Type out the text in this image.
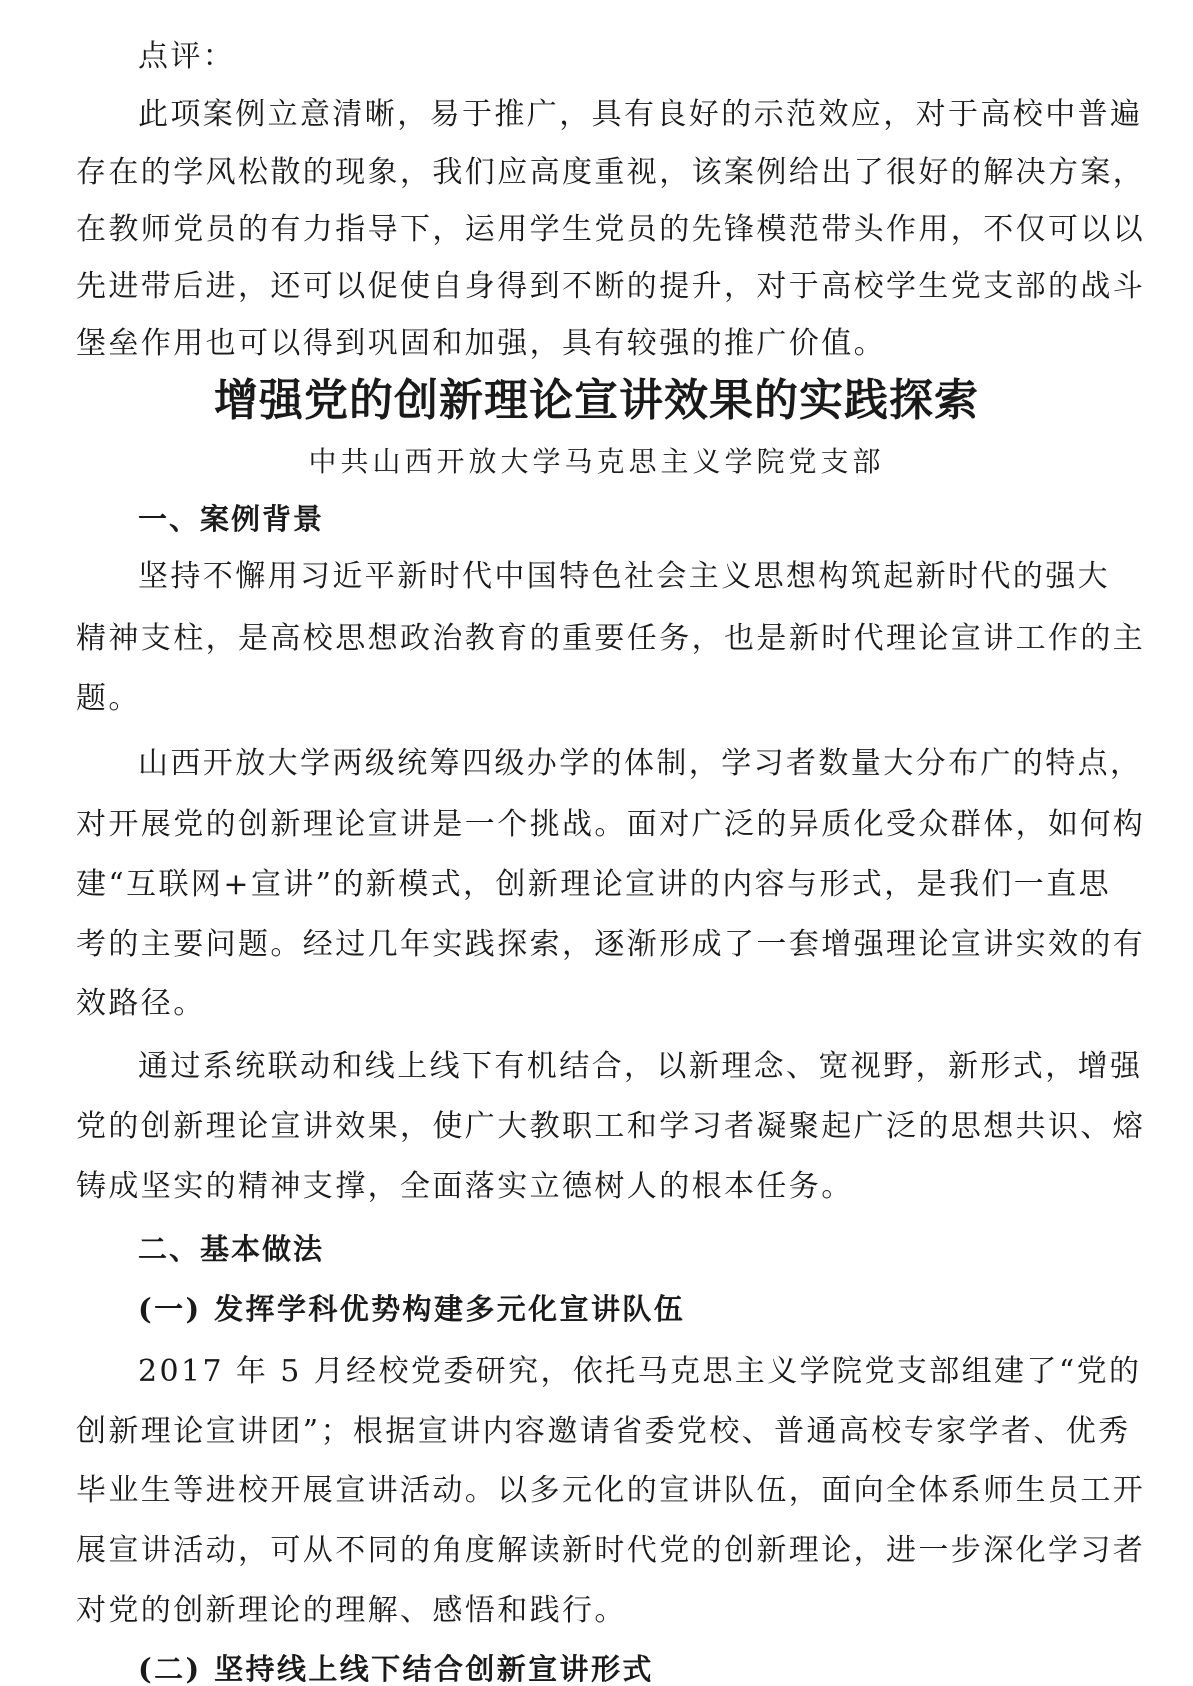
点评：
此项案例立意清晰，易于推广，具有良好的示范效应，对于高校中普遍
存在的学风松散的现象，我们应高度重视，该案例给出了很好的解决方案，
在教师党员的有力指导下，运用学生党员的先锋模范带头作用，不仅可以以
先进带后进，还可以促使自身得到不断的提升，对于高校学生党支部的战斗
堡垒作用也可以得到巩固和加强，具有较强的推广价值。
增强党的创新理论宣讲效果的实践探索
中共山西开放大学马克思主义学院党支部
一、案例背景
坚持不懈用习近平新时代中国特色社会主义思想构筑起新时代的强大
精神支柱，是高校思想政治教育的重要任务，也是新时代理论宣讲工作的主
题。
山西开放大学两级统筹四级办学的体制，学习者数量大分布广的特点，
对开展党的创新理论宣讲是一个挑战。面对广泛的异质化受众群体，如何构
建“互联网+宣讲”的新模式，创新理论宣讲的内容与形式，是我们一直思
考的主要问题。经过几年实践探索，逐渐形成了一套增强理论宣讲实效的有
效路径。
通过系统联动和线上线下有机结合，以新理念、宽视野，新形式，增强
党的创新理论宣讲效果，使广大教职工和学习者凝聚起广泛的思想共识、熔
铸成坚实的精神支撑，全面落实立德树人的根本任务。
二、基本做法
(一) 发挥学科优势构建多元化宣讲队伍
2017 年 5 月经校党委研究，依托马克思主义学院党支部组建了“党的
创新理论宣讲团”；根据宣讲内容邀请省委党校、普通高校专家学者、优秀
毕业生等进校开展宣讲活动。以多元化的宣讲队伍，面向全体系师生员工开
展宣讲活动，可从不同的角度解读新时代党的创新理论，进一步深化学习者
对党的创新理论的理解、感悟和践行。
(二) 坚持线上线下结合创新宣讲形式
